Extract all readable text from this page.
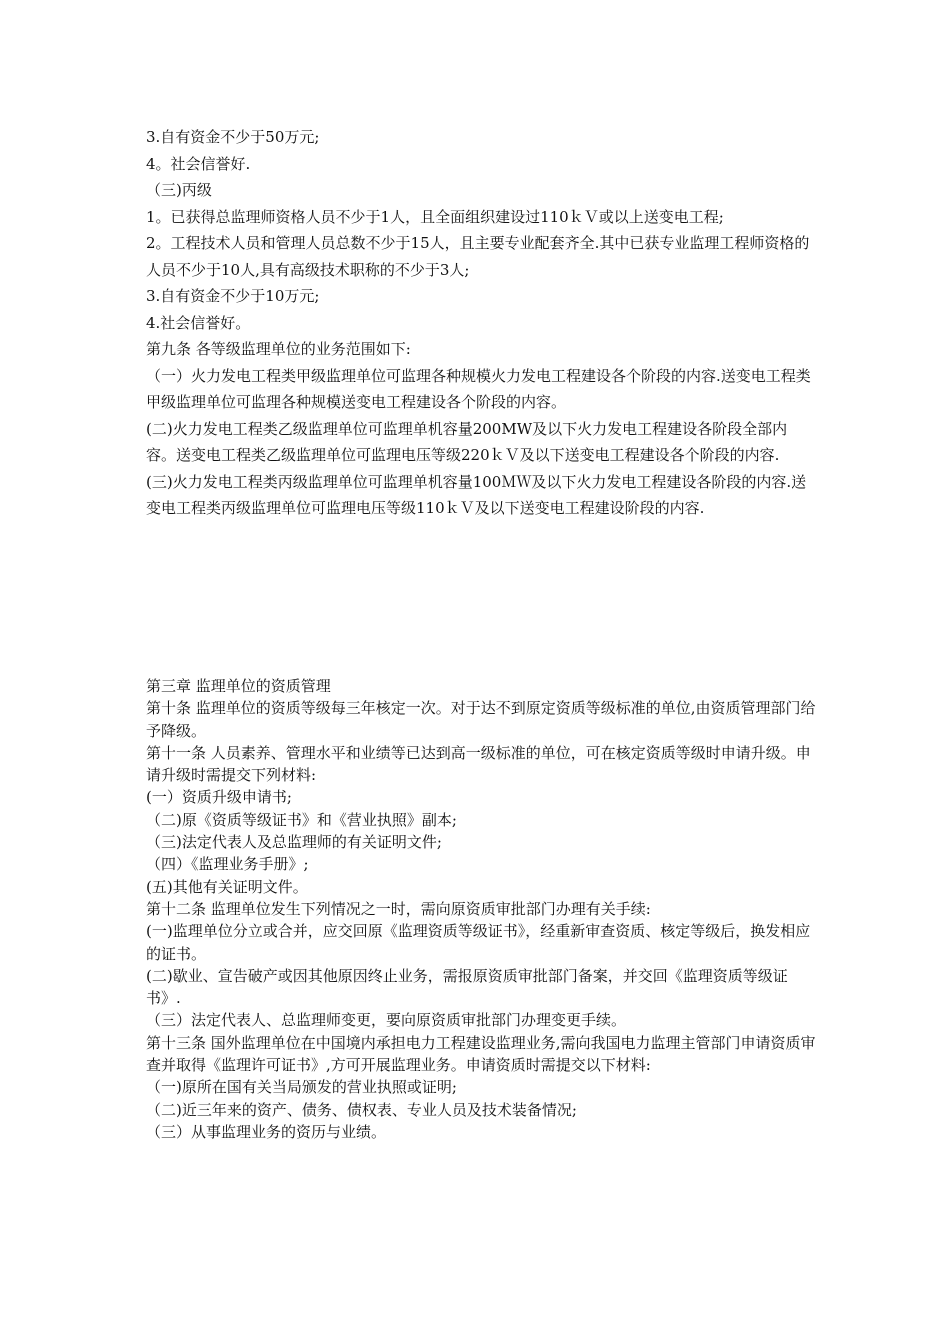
3.自有资金不少于50万元;

4。社会信誉好.

（三)丙级

1。已获得总监理师资格人员不少于1人，且全面组织建设过110ｋＶ或以上送变电工程;

2。工程技术人员和管理人员总数不少于15人，且主要专业配套齐全.其中已获专业监理工程师资格的人员不少于10人,具有高级技术职称的不少于3人;

3.自有资金不少于10万元;

4.社会信誉好。

第九条 各等级监理单位的业务范围如下:

（一）火力发电工程类甲级监理单位可监理各种规模火力发电工程建设各个阶段的内容.送变电工程类甲级监理单位可监理各种规模送变电工程建设各个阶段的内容。

(二)火力发电工程类乙级监理单位可监理单机容量200MW及以下火力发电工程建设各阶段全部内容。送变电工程类乙级监理单位可监理电压等级220ｋＶ及以下送变电工程建设各个阶段的内容.

(三)火力发电工程类丙级监理单位可监理单机容量100ＭＷ及以下火力发电工程建设各阶段的内容.送变电工程类丙级监理单位可监理电压等级110ｋＶ及以下送变电工程建设阶段的内容.

第三章 监理单位的资质管理

第十条 监理单位的资质等级每三年核定一次。对于达不到原定资质等级标准的单位,由资质管理部门给予降级。

第十一条 人员素养、管理水平和业绩等已达到高一级标准的单位，可在核定资质等级时申请升级。申请升级时需提交下列材料:

(一）资质升级申请书;

（二)原《资质等级证书》和《营业执照》副本;

（三)法定代表人及总监理师的有关证明文件;

（四）《监理业务手册》;

(五)其他有关证明文件。

第十二条 监理单位发生下列情况之一时，需向原资质审批部门办理有关手续:

(一)监理单位分立或合并，应交回原《监理资质等级证书》，经重新审查资质、核定等级后，换发相应的证书。

(二)歇业、宣告破产或因其他原因终止业务，需报原资质审批部门备案，并交回《监理资质等级证书》.

（三）法定代表人、总监理师变更，要向原资质审批部门办理变更手续。

第十三条 国外监理单位在中国境内承担电力工程建设监理业务,需向我国电力监理主管部门申请资质审查并取得《监理许可证书》,方可开展监理业务。申请资质时需提交以下材料:

（一)原所在国有关当局颁发的营业执照或证明;

（二)近三年来的资产、债务、债权表、专业人员及技术装备情况;

（三）从事监理业务的资历与业绩。
